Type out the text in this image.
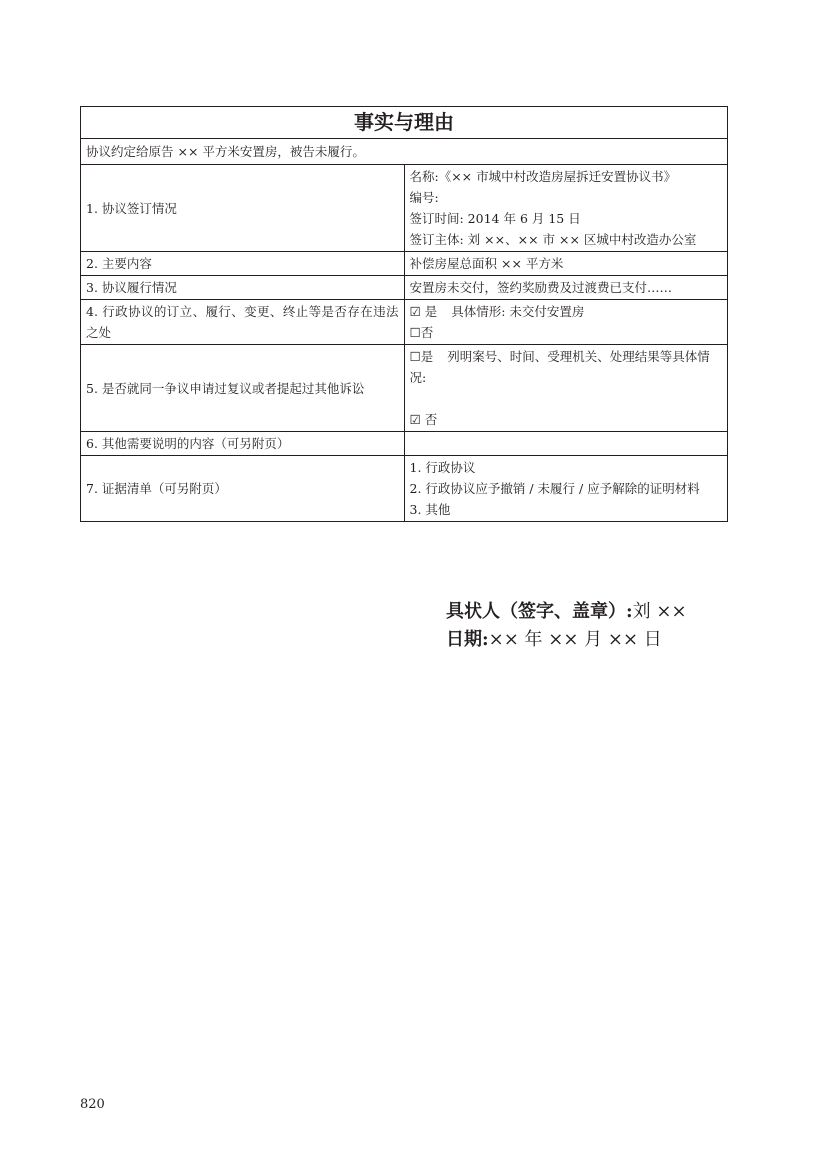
事实与理由	
协议约定给原告 ×× 平方米安置房，被告未履行。	
1. 协议签订情况	名称:《×× 市城中村改造房屋拆迁安置协议书》
编号:
签订时间: 2014 年 6 月 15 日
签订主体: 刘 ××、×× 市 ×× 区城中村改造办公室

2. 主要内容	补偿房屋总面积 ×× 平方米
3. 协议履行情况	安置房未交付，签约奖励费及过渡费已支付……
4. 行政协议的订立、履行、变更、终止等是否存在违法之处	☑ 是 具体情形: 未交付安置房
☐否

5. 是否就同一争议申请过复议或者提起过其他诉讼	☐是 列明案号、时间、受理机关、处理结果等具体情况:
☑ 否

6. 其他需要说明的内容（可另附页）	
7. 证据清单（可另附页）	1. 行政协议
2. 行政协议应予撤销 / 未履行 / 应予解除的证明材料
3. 其他
具状人（签字、盖章）:刘 ××
日期:×× 年 ×× 月 ×× 日
820
